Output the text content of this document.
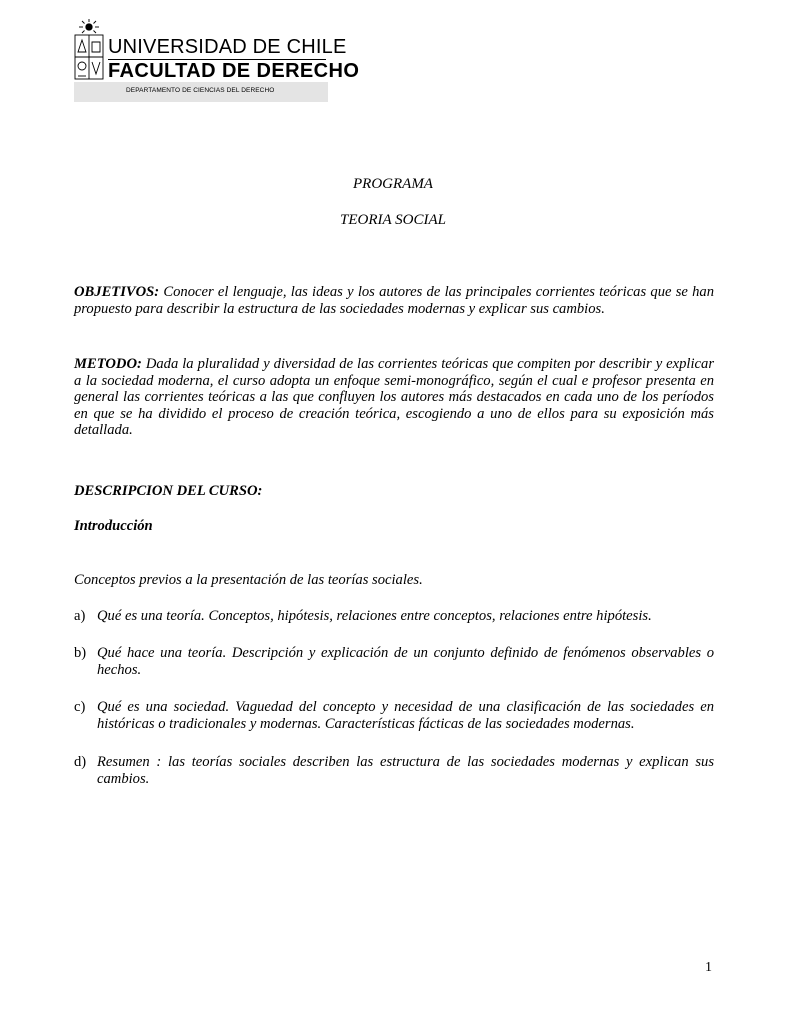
UNIVERSIDAD DE CHILE
FACULTAD DE DERECHO
DEPARTAMENTO DE CIENCIAS DEL DERECHO
PROGRAMA
TEORIA SOCIAL
OBJETIVOS: Conocer el lenguaje, las ideas y los autores de las principales corrientes teóricas que se han propuesto para describir la estructura de las sociedades modernas y explicar sus cambios.
METODO: Dada la pluralidad y diversidad de las corrientes teóricas que compiten por describir y explicar a la sociedad moderna, el curso adopta un enfoque semi-monográfico, según el cual e profesor presenta en general las corrientes teóricas a las que confluyen los autores más destacados en cada uno de los períodos en que se ha dividido el proceso de creación teórica, escogiendo a uno de ellos para su exposición más detallada.
DESCRIPCION DEL CURSO:
Introducción
Conceptos previos a la presentación de las teorías sociales.
a) Qué es una teoría. Conceptos, hipótesis, relaciones entre conceptos, relaciones entre hipótesis.
b) Qué hace una teoría. Descripción y explicación de un conjunto definido de fenómenos observables o hechos.
c) Qué es una sociedad. Vaguedad del concepto y necesidad de una clasificación de las sociedades en históricas o tradicionales y modernas. Características fácticas de las sociedades modernas.
d) Resumen : las teorías sociales describen las estructura de las sociedades modernas y explican sus cambios.
1
